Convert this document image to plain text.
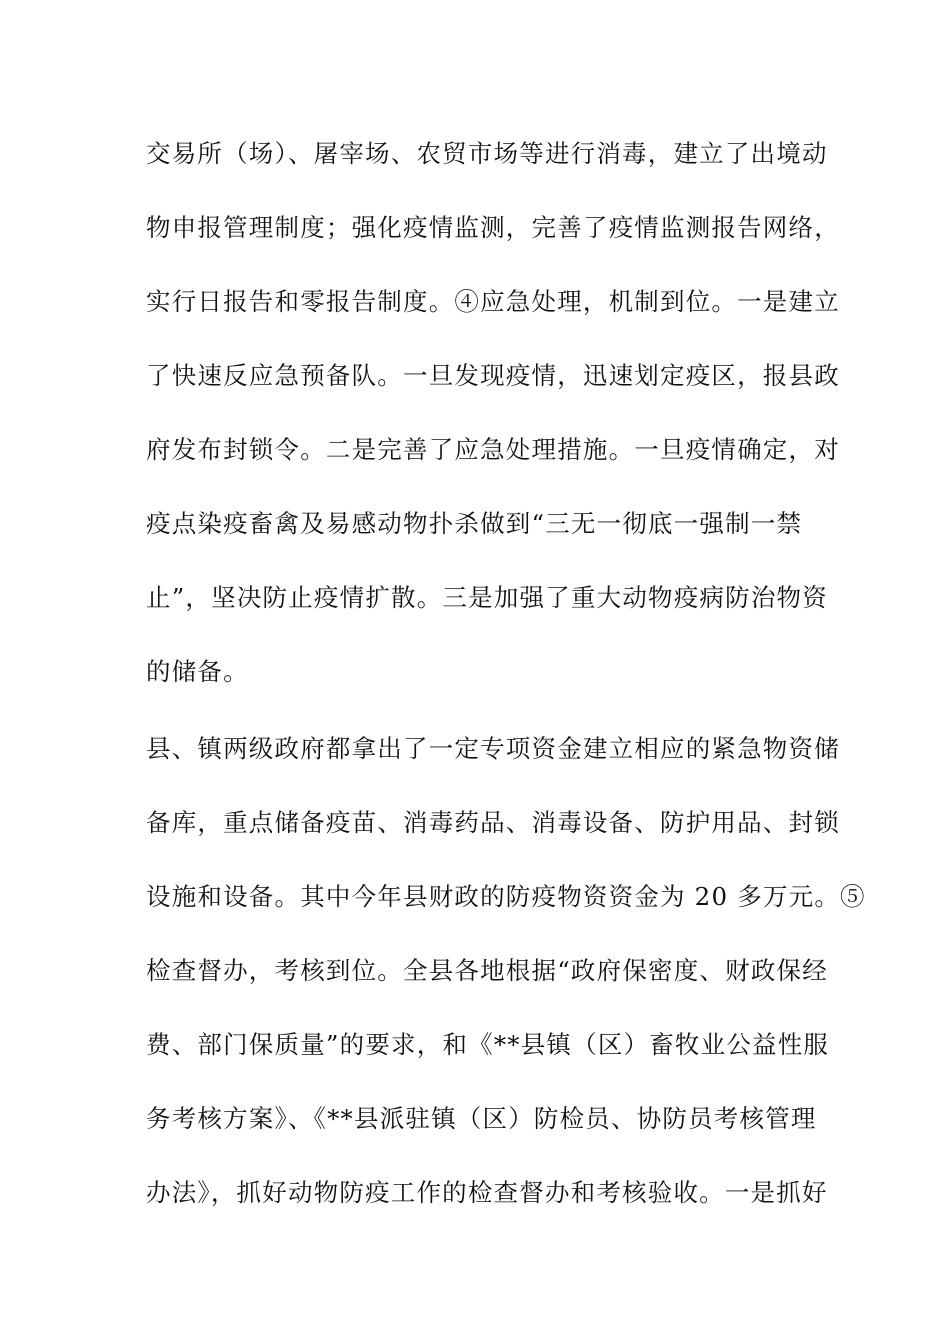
交易所（场）、屠宰场、农贸市场等进行消毒，建立了出境动
物申报管理制度；强化疫情监测，完善了疫情监测报告网络，
实行日报告和零报告制度。④应急处理，机制到位。一是建立
了快速反应急预备队。一旦发现疫情，迅速划定疫区，报县政
府发布封锁令。二是完善了应急处理措施。一旦疫情确定，对
疫点染疫畜禽及易感动物扑杀做到“三无一彻底一强制一禁
止”，坚决防止疫情扩散。三是加强了重大动物疫病防治物资
的储备。
县、镇两级政府都拿出了一定专项资金建立相应的紧急物资储
备库，重点储备疫苗、消毒药品、消毒设备、防护用品、封锁
设施和设备。其中今年县财政的防疫物资资金为 20 多万元。⑤
检查督办，考核到位。全县各地根据“政府保密度、财政保经
费、部门保质量”的要求，和《**县镇（区）畜牧业公益性服
务考核方案》、《**县派驻镇（区）防检员、协防员考核管理
办法》，抓好动物防疫工作的检查督办和考核验收。一是抓好
